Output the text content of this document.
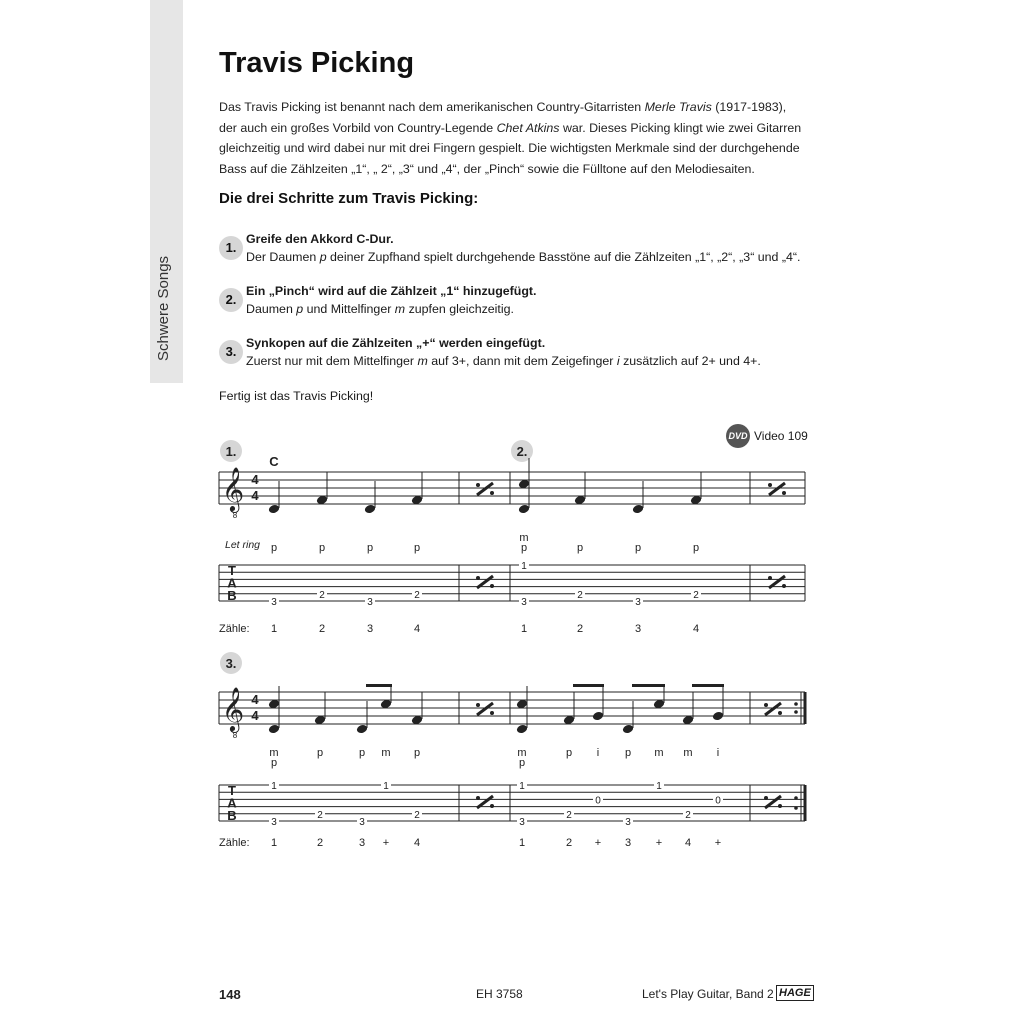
Schwere Songs
Travis Picking
Das Travis Picking ist benannt nach dem amerikanischen Country-Gitarristen Merle Travis (1917-1983),
der auch ein großes Vorbild von Country-Legende Chet Atkins war. Dieses Picking klingt wie zwei Gitarren
gleichzeitig und wird dabei nur mit drei Fingern gespielt. Die wichtigsten Merkmale sind der durchgehende
Bass auf die Zählzeiten „1“, „ 2“, „3“ und „4“, der „Pinch“ sowie die Fülltone auf den Melodiesaiten.
Die drei Schritte zum Travis Picking:
1.
Greife den Akkord C-Dur.
Der Daumen p deiner Zupfhand spielt durchgehende Basstöne auf die Zählzeiten „1“, „2“, „3“ und „4“.
2.
Ein „Pinch“ wird auf die Zählzeit „1“ hinzugefügt.
Daumen p und Mittelfinger m zupfen gleichzeitig.
3.
Synkopen auf die Zählzeiten „+“ werden eingefügt.
Zuerst nur mit dem Mittelfinger m auf 3+, dann mit dem Zeigefinger i zusätzlich auf 2+ und 4+.
Fertig ist das Travis Picking!
DVD Video 109
𝄞
8
4
4
T
A
B
1.	2.
C
Let ring p	p	p	p
m
p	p	p	p
3
2
3
2
1
3
2
3
2
Zähle: 1	2	3	4	1	2	3	4
𝄞
8
4
4
T
A
B
3.
m
p
p	p m p	m
p
p i p m m i
1
3
2
3
1
2
1
3
2
0
3
1
2
0
Zähle: 1	2	3 + 4	1	2 + 3 + 4 +
148	EH 3758	Let's Play Guitar, Band 2 HAGE
